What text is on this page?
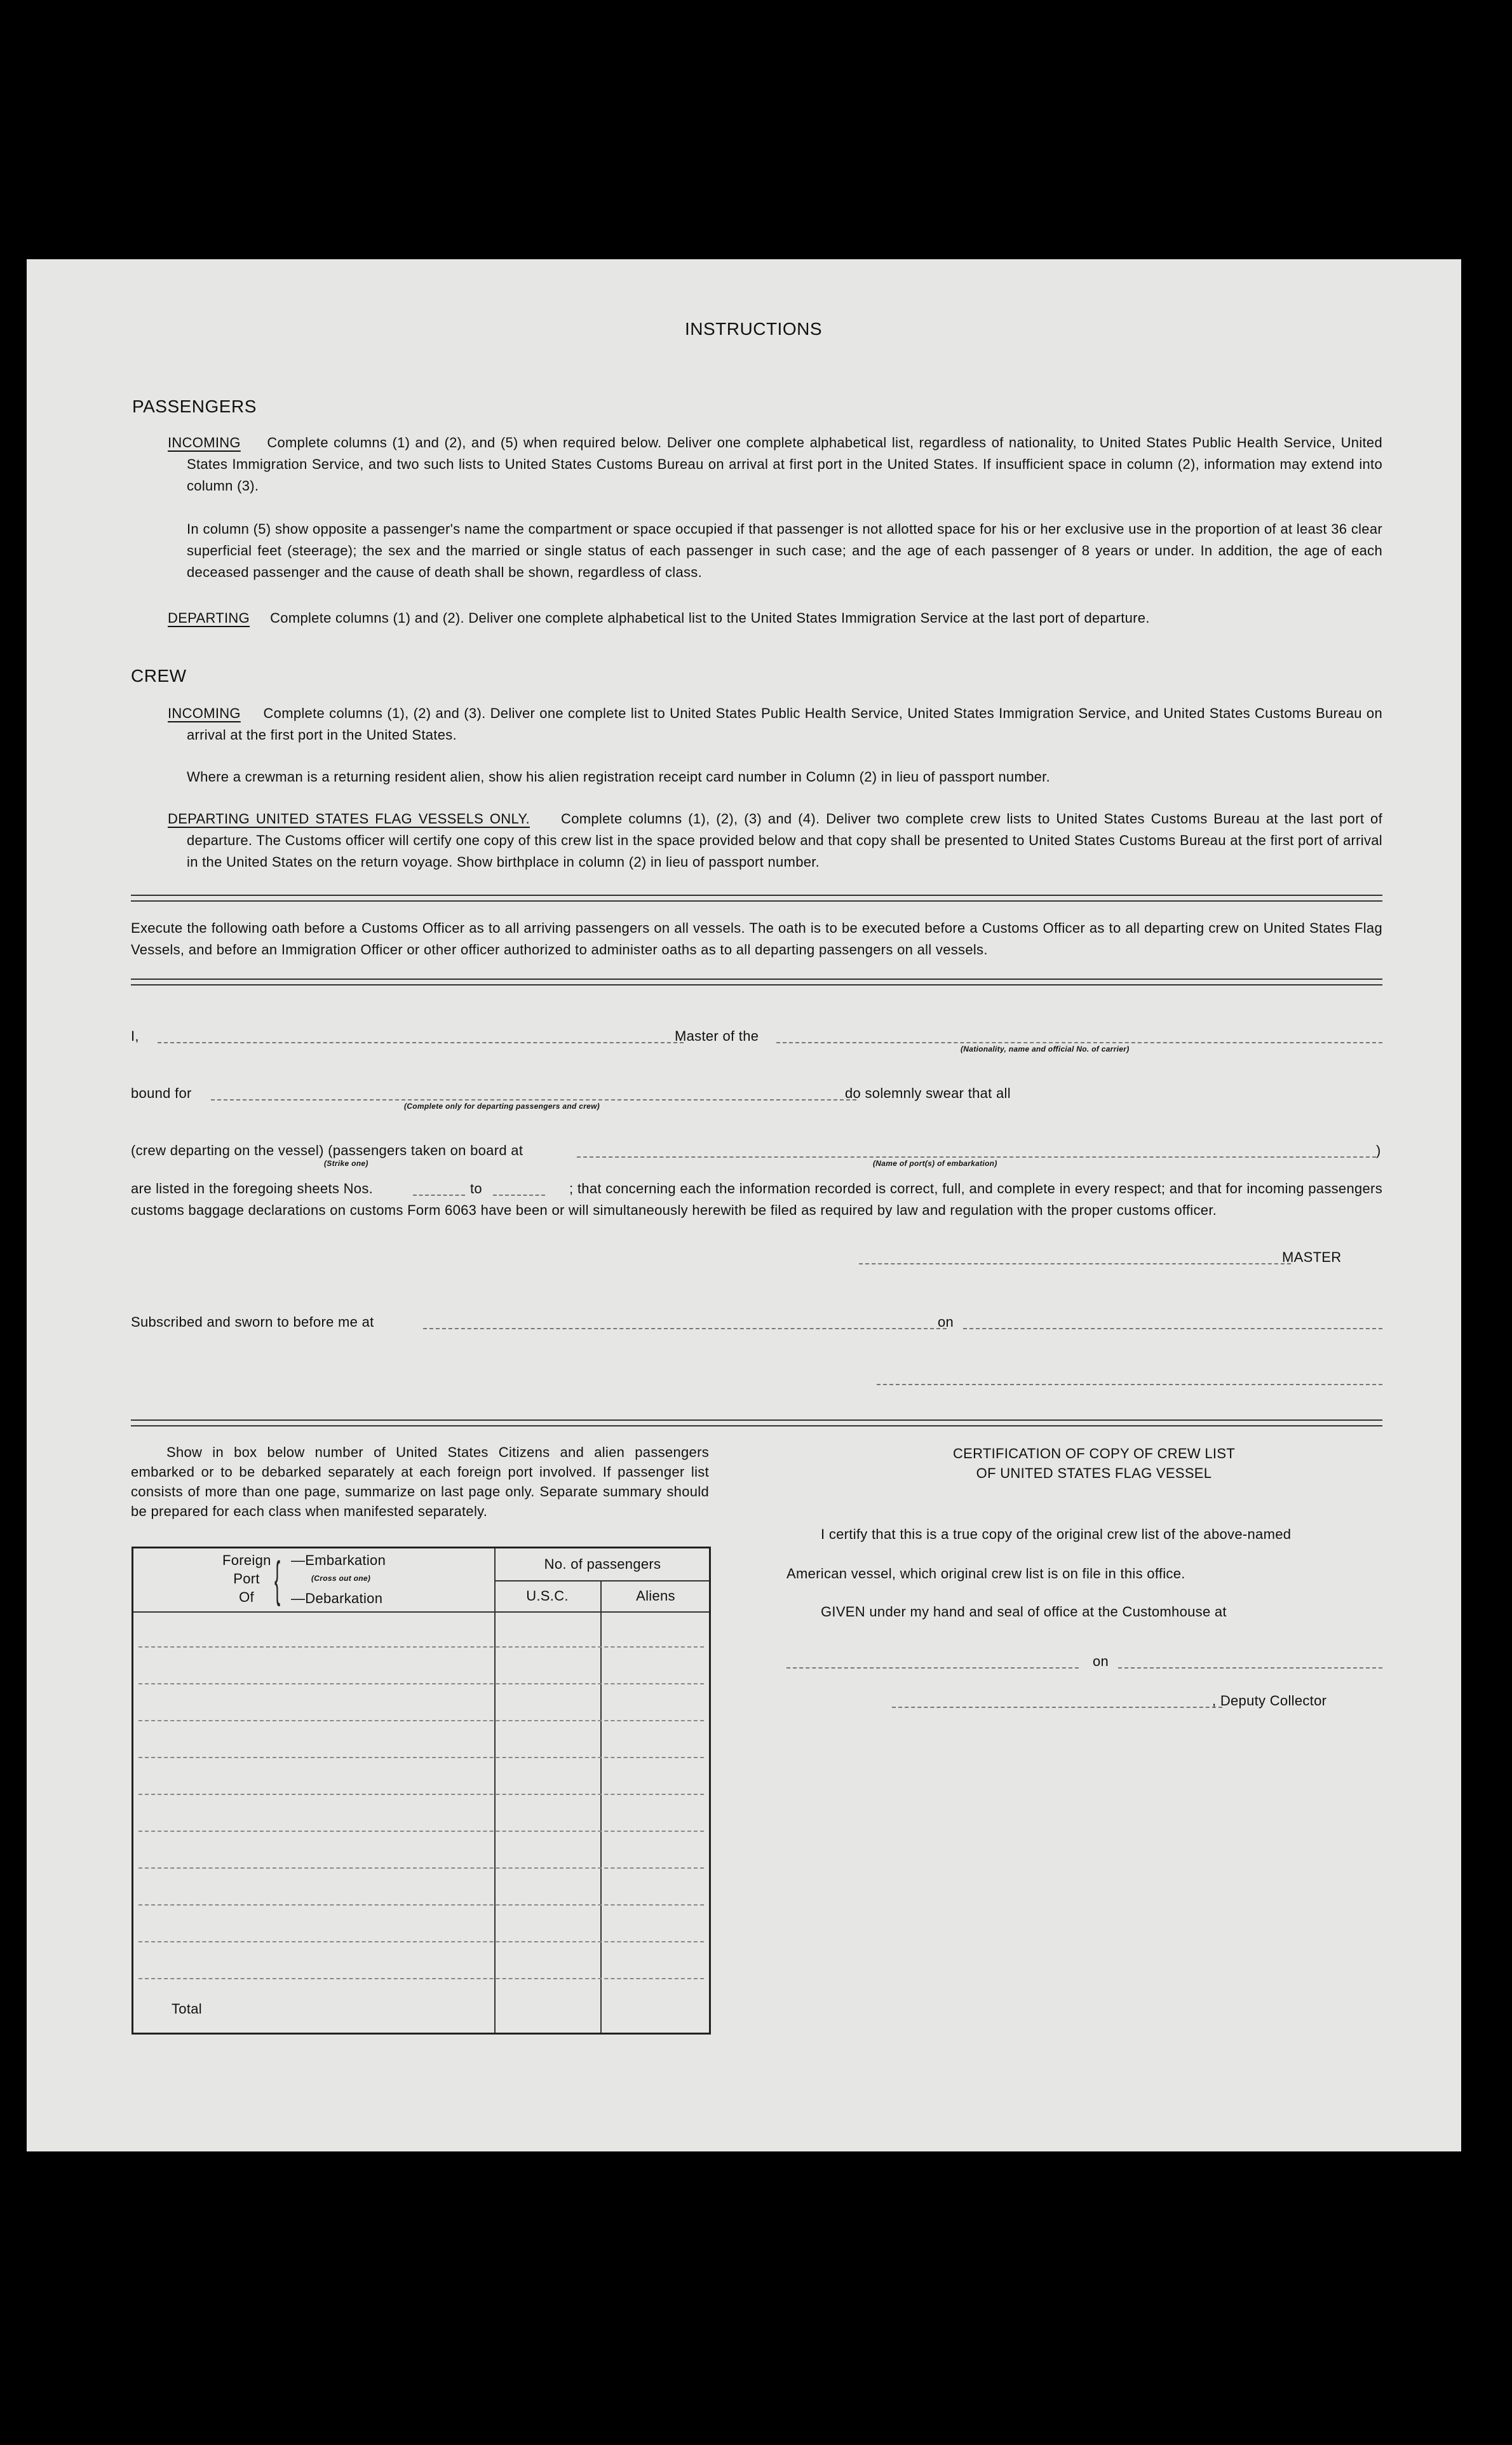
INSTRUCTIONS
PASSENGERS
INCOMING Complete columns (1) and (2), and (5) when required below. Deliver one complete alphabetical list, regardless of nationality, to United States Public Health Service, United States Immigration Service, and two such lists to United States Customs Bureau on arrival at first port in the United States. If insufficient space in column (2), information may extend into column (3).
In column (5) show opposite a passenger's name the compartment or space occupied if that passenger is not allotted space for his or her exclusive use in the proportion of at least 36 clear superficial feet (steerage); the sex and the married or single status of each passenger in such case; and the age of each passenger of 8 years or under. In addition, the age of each deceased passenger and the cause of death shall be shown, regardless of class.
DEPARTING Complete columns (1) and (2). Deliver one complete alphabetical list to the United States Immigration Service at the last port of departure.
CREW
INCOMING Complete columns (1), (2) and (3). Deliver one complete list to United States Public Health Service, United States Immigration Service, and United States Customs Bureau on arrival at the first port in the United States.
Where a crewman is a returning resident alien, show his alien registration receipt card number in Column (2) in lieu of passport number.
DEPARTING UNITED STATES FLAG VESSELS ONLY. Complete columns (1), (2), (3) and (4). Deliver two complete crew lists to United States Customs Bureau at the last port of departure. The Customs officer will certify one copy of this crew list in the space provided below and that copy shall be presented to United States Customs Bureau at the first port of arrival in the United States on the return voyage. Show birthplace in column (2) in lieu of passport number.
Execute the following oath before a Customs Officer as to all arriving passengers on all vessels. The oath is to be executed before a Customs Officer as to all departing crew on United States Flag Vessels, and before an Immigration Officer or other officer authorized to administer oaths as to all departing passengers on all vessels.
I,	Master of the
(Nationality, name and official No. of carrier)
bound for
(Complete only for departing passengers and crew)
do solemnly swear that all
(crew departing on the vessel) (passengers taken on board at
(Strike one)	(Name of port(s) of embarkation)
)
are listed in the foregoing sheets Nos.	to	; that concerning each the information recorded is correct, full, and complete in every respect; and that for incoming passengers customs baggage declarations on customs Form 6063 have been or will simultaneously herewith be filed as required by law and regulation with the proper customs officer.
MASTER
Subscribed and sworn to before me at	on
Show in box below number of United States Citizens and alien passengers embarked or to be debarked separately at each foreign port involved. If passenger list consists of more than one page, summarize on last page only. Separate summary should be prepared for each class when manifested separately.
Foreign
Port
Of { —Embarkation
(Cross out one)
—Debarkation
No. of passengers
U.S.C.	Aliens
Total
CERTIFICATION OF COPY OF CREW LIST
OF UNITED STATES FLAG VESSEL
I certify that this is a true copy of the original crew list of the above-named
American vessel, which original crew list is on file in this office.
GIVEN under my hand and seal of office at the Customhouse at
on
, Deputy Collector
